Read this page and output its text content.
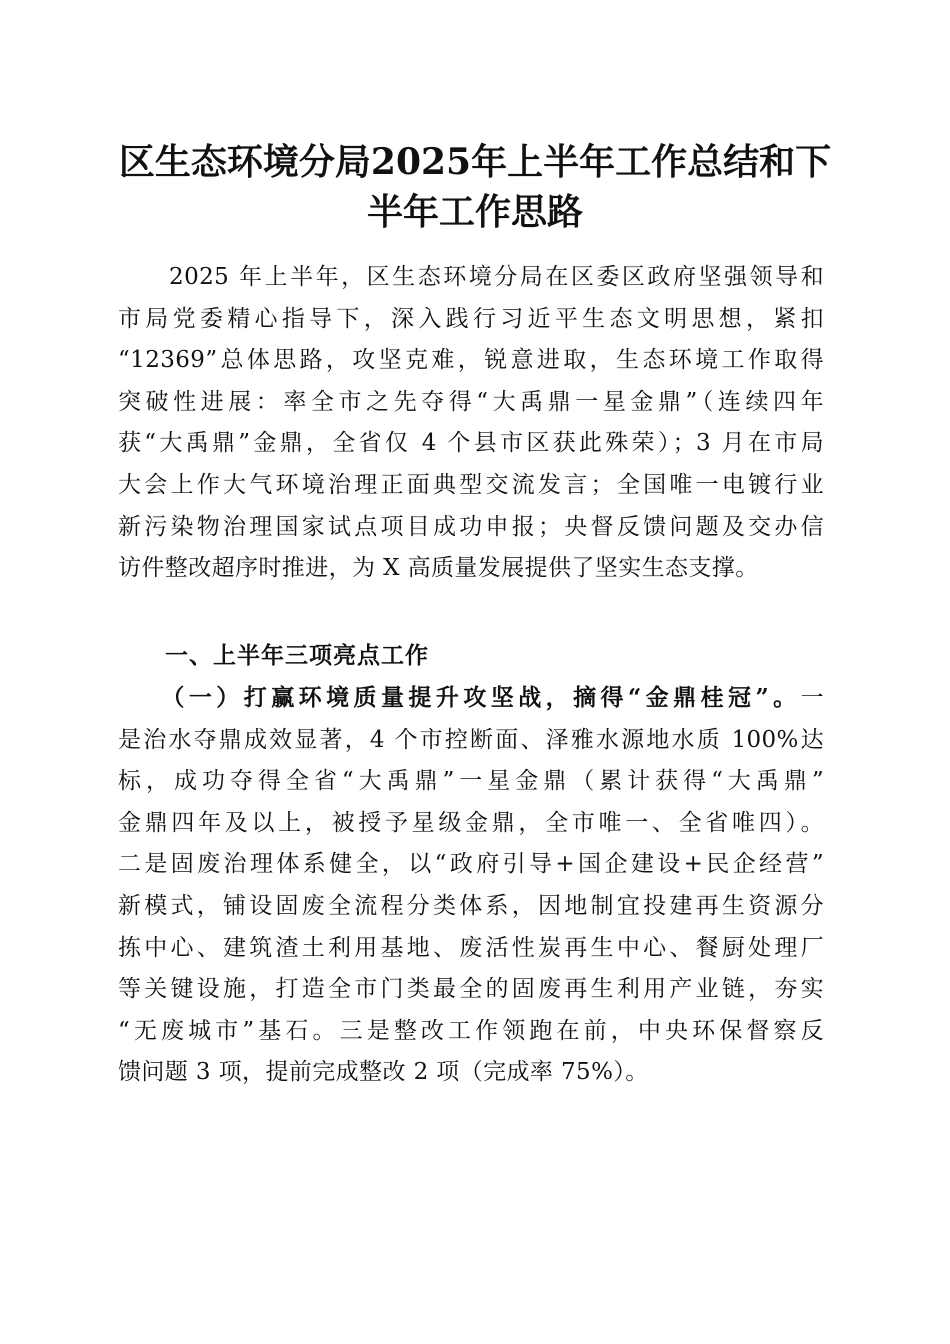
区生态环境分局2025年上半年工作总结和下
半年工作思路
　　2025 年上半年，区生态环境分局在区委区政府坚强领导和
市局党委精心指导下，深入践行习近平生态文明思想，紧扣
“12369”总体思路，攻坚克难，锐意进取，生态环境工作取得
突破性进展：率全市之先夺得“大禹鼎一星金鼎”（连续四年
获“大禹鼎”金鼎，全省仅 4 个县市区获此殊荣）；3 月在市局
大会上作大气环境治理正面典型交流发言；全国唯一电镀行业
新污染物治理国家试点项目成功申报；央督反馈问题及交办信
访件整改超序时推进，为 X 高质量发展提供了坚实生态支撑。
一、上半年三项亮点工作
　　（一）打赢环境质量提升攻坚战，摘得“金鼎桂冠”。一
是治水夺鼎成效显著，4 个市控断面、泽雅水源地水质 100%达
标，成功夺得全省“大禹鼎”一星金鼎（累计获得“大禹鼎”
金鼎四年及以上，被授予星级金鼎，全市唯一、全省唯四）。
二是固废治理体系健全，以“政府引导+国企建设+民企经营”
新模式，铺设固废全流程分类体系，因地制宜投建再生资源分
拣中心、建筑渣土利用基地、废活性炭再生中心、餐厨处理厂
等关键设施，打造全市门类最全的固废再生利用产业链，夯实
“无废城市”基石。三是整改工作领跑在前，中央环保督察反
馈问题 3 项，提前完成整改 2 项（完成率 75%）。
